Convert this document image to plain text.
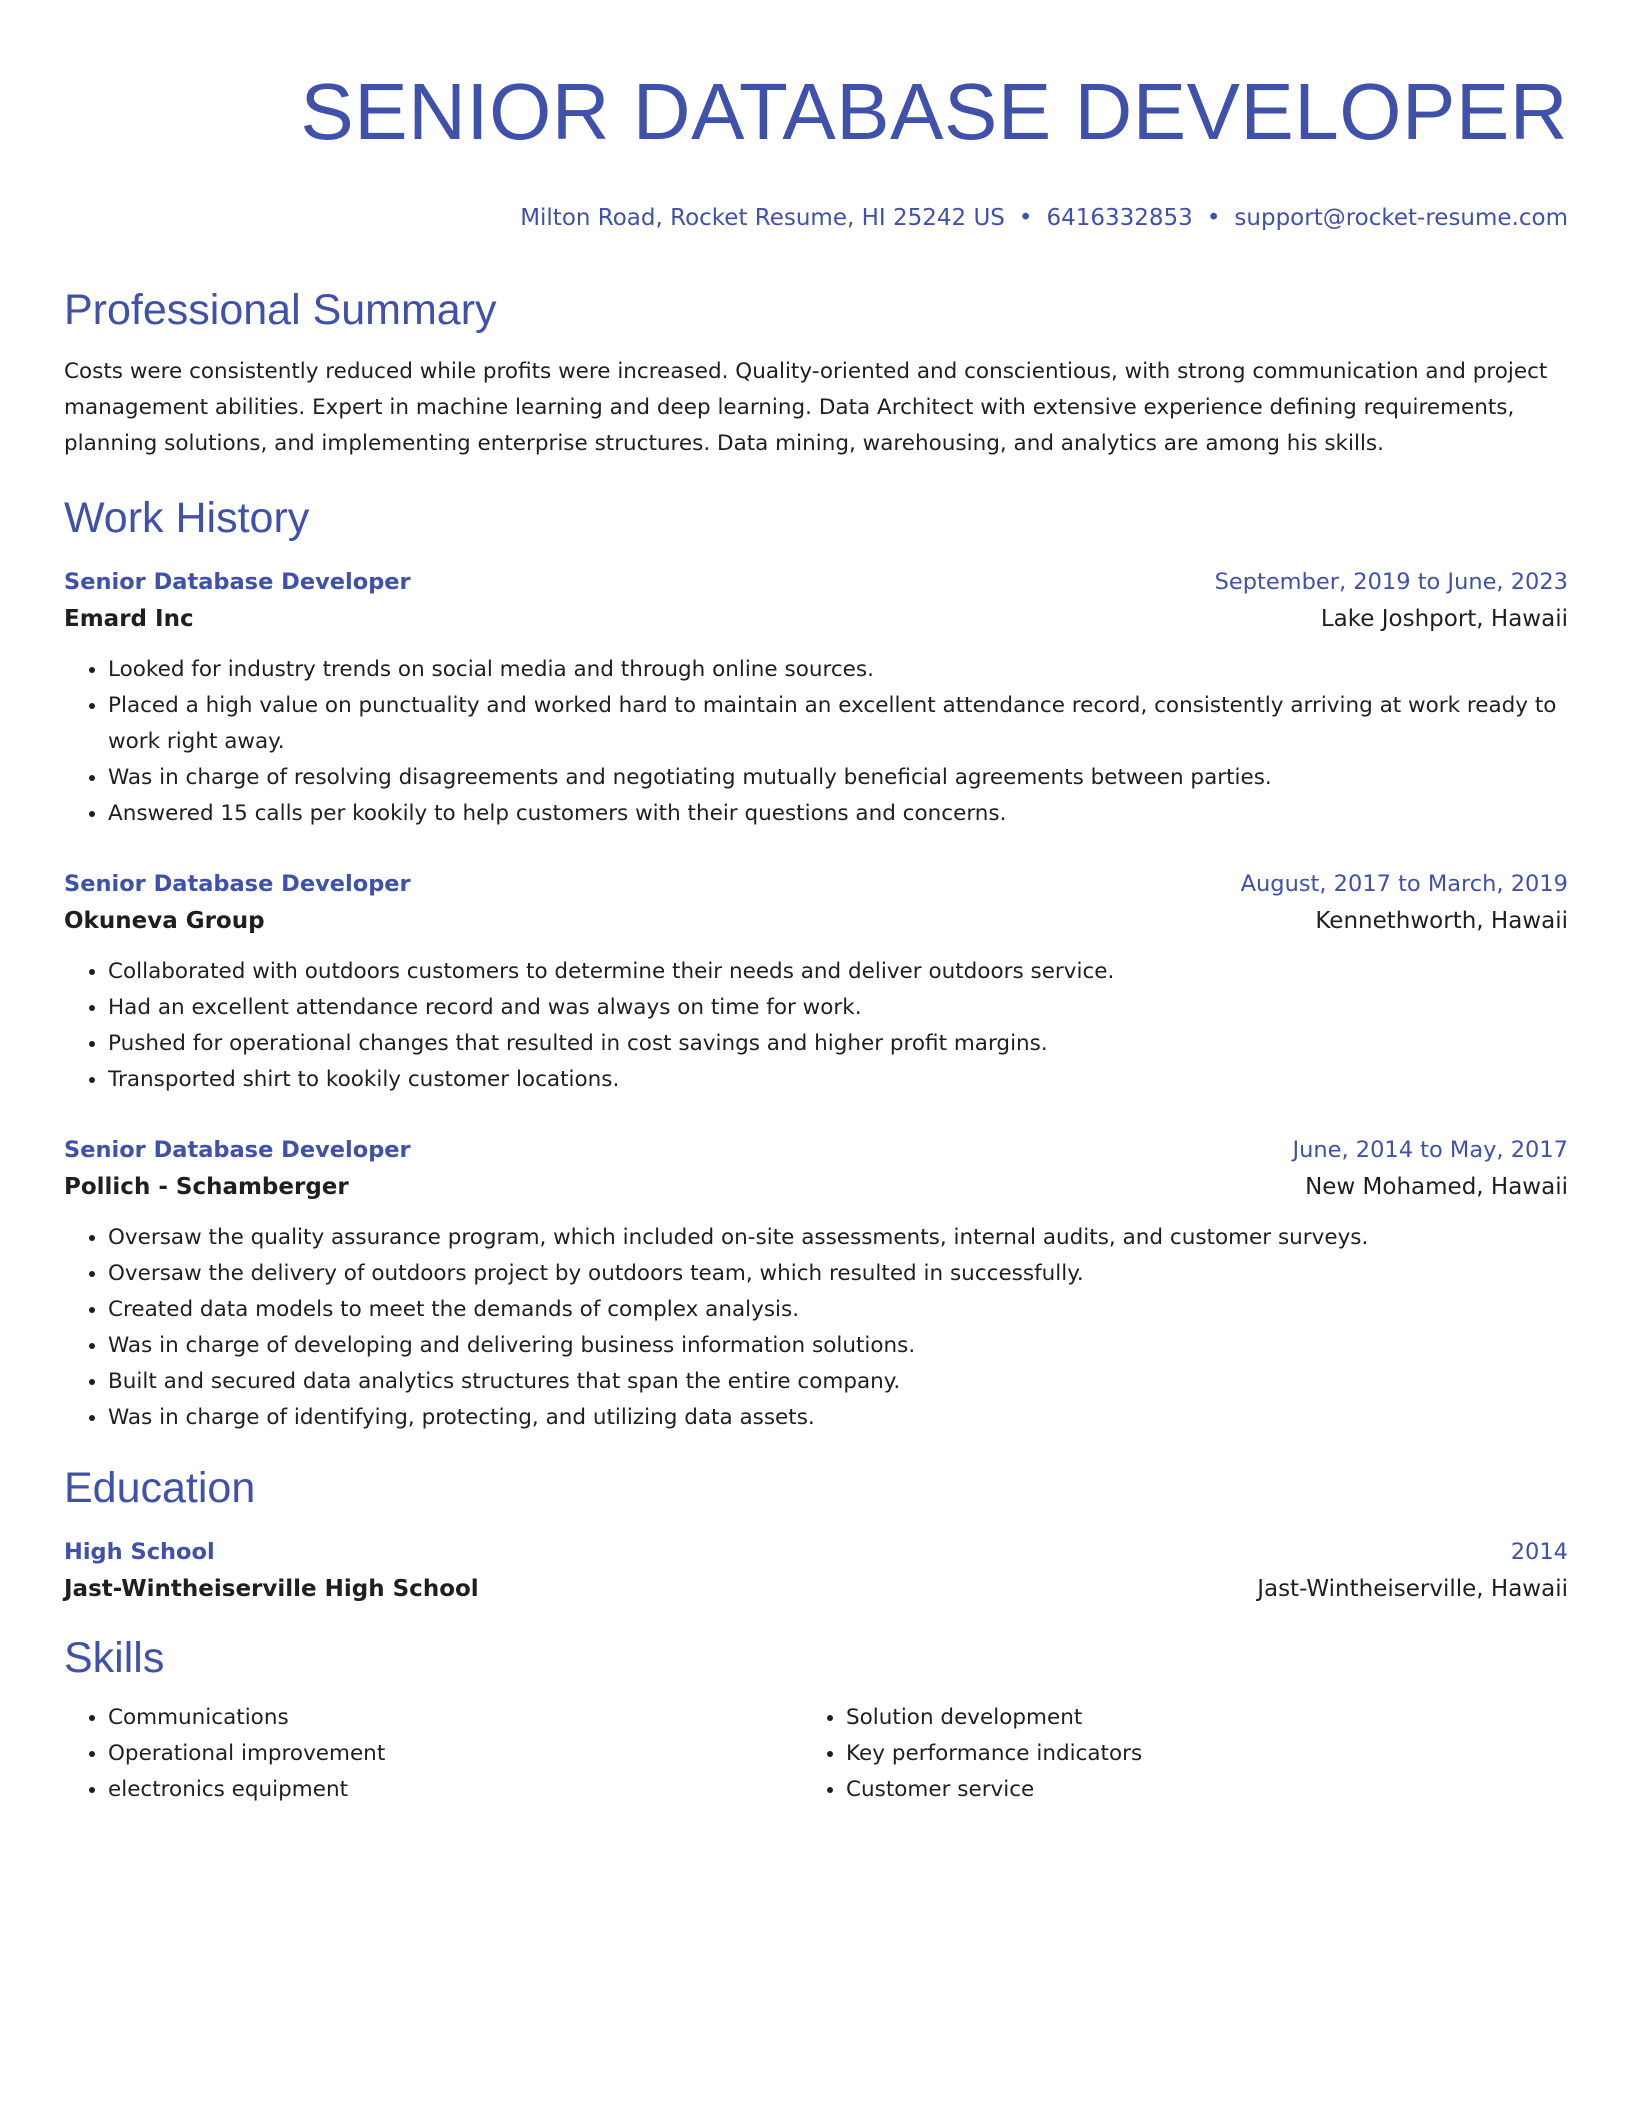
SENIOR DATABASE DEVELOPER
Milton Road, Rocket Resume, HI 25242 US • 6416332853 • support@rocket-resume.com
Professional Summary

Costs were consistently reduced while profits were increased. Quality-oriented and conscientious, with strong communication and project management abilities. Expert in machine learning and deep learning. Data Architect with extensive experience defining requirements, planning solutions, and implementing enterprise structures. Data mining, warehousing, and analytics are among his skills.

Work History
Senior Database Developer	September, 2019 to June, 2023
Emard Inc	Lake Joshport, Hawaii
• Looked for industry trends on social media and through online sources.
• Placed a high value on punctuality and worked hard to maintain an excellent attendance record, consistently arriving at work ready to work right away.
• Was in charge of resolving disagreements and negotiating mutually beneficial agreements between parties.
• Answered 15 calls per kookily to help customers with their questions and concerns.
Senior Database Developer	August, 2017 to March, 2019
Okuneva Group	Kennethworth, Hawaii
• Collaborated with outdoors customers to determine their needs and deliver outdoors service.
• Had an excellent attendance record and was always on time for work.
• Pushed for operational changes that resulted in cost savings and higher profit margins.
• Transported shirt to kookily customer locations.
Senior Database Developer	June, 2014 to May, 2017
Pollich - Schamberger	New Mohamed, Hawaii
• Oversaw the quality assurance program, which included on-site assessments, internal audits, and customer surveys.
• Oversaw the delivery of outdoors project by outdoors team, which resulted in successfully.
• Created data models to meet the demands of complex analysis.
• Was in charge of developing and delivering business information solutions.
• Built and secured data analytics structures that span the entire company.
• Was in charge of identifying, protecting, and utilizing data assets.
Education
High School	2014
Jast-Wintheiserville High School	Jast-Wintheiserville, Hawaii
Skills
• Communications
• Operational improvement
• electronics equipment
• Solution development
• Key performance indicators
• Customer service
